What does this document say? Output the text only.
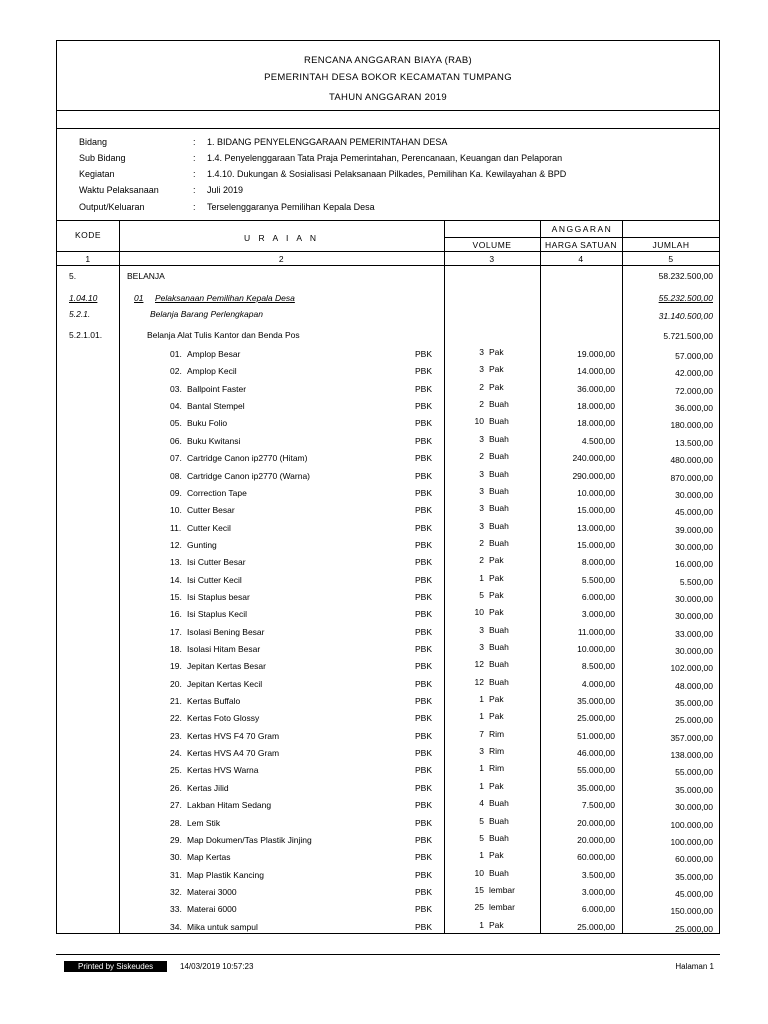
RENCANA ANGGARAN BIAYA (RAB)
PEMERINTAH DESA BOKOR KECAMATAN TUMPANG
TAHUN ANGGARAN 2019
Bidang	: 1. BIDANG PENYELENGGARAAN PEMERINTAHAN DESA
Sub Bidang	: 1.4. Penyelenggaraan Tata Praja Pemerintahan, Perencanaan, Keuangan dan Pelaporan
Kegiatan	: 1.4.10. Dukungan & Sosialisasi Pelaksanaan Pilkades, Pemilihan Ka. Kewilayahan & BPD
Waktu Pelaksanaan	: Juli 2019
Output/Keluaran	: Terselenggaranya Pemilihan Kepala Desa
KODE	U R A I A N
ANGGARAN
VOLUME	HARGA SATUAN	JUMLAH
1	2	3	4	5
5.	BELANJA	58.232.500,00
1.04.10	01 Pelaksanaan Pemilihan Kepala Desa	55.232.500,00
5.2.1.	Belanja Barang Perlengkapan	31.140.500,00
5.2.1.01.	Belanja Alat Tulis Kantor dan Benda Pos	5.721.500,00
01. Amplop Besar	PBK	3 Pak	19.000,00	57.000,00
02. Amplop Kecil	PBK	3 Pak	14.000,00	42.000,00
03. Ballpoint Faster	PBK	2 Pak	36.000,00	72.000,00
04. Bantal Stempel	PBK	2 Buah	18.000,00	36.000,00
05. Buku Folio	PBK	10 Buah	18.000,00	180.000,00
06. Buku Kwitansi	PBK	3 Buah	4.500,00	13.500,00
07. Cartridge Canon ip2770 (Hitam)	PBK	2 Buah	240.000,00	480.000,00
08. Cartridge Canon ip2770 (Warna)	PBK	3 Buah	290.000,00	870.000,00
09. Correction Tape	PBK	3 Buah	10.000,00	30.000,00
10. Cutter Besar	PBK	3 Buah	15.000,00	45.000,00
11. Cutter Kecil	PBK	3 Buah	13.000,00	39.000,00
12. Gunting	PBK	2 Buah	15.000,00	30.000,00
13. Isi Cutter Besar	PBK	2 Pak	8.000,00	16.000,00
14. Isi Cutter Kecil	PBK	1 Pak	5.500,00	5.500,00
15. Isi Staplus besar	PBK	5 Pak	6.000,00	30.000,00
16. Isi Staplus Kecil	PBK	10 Pak	3.000,00	30.000,00
17. Isolasi Bening Besar	PBK	3 Buah	11.000,00	33.000,00
18. Isolasi Hitam Besar	PBK	3 Buah	10.000,00	30.000,00
19. Jepitan Kertas Besar	PBK	12 Buah	8.500,00	102.000,00
20. Jepitan Kertas Kecil	PBK	12 Buah	4.000,00	48.000,00
21. Kertas Buffalo	PBK	1 Pak	35.000,00	35.000,00
22. Kertas Foto Glossy	PBK	1 Pak	25.000,00	25.000,00
23. Kertas HVS F4 70 Gram	PBK	7 Rim	51.000,00	357.000,00
24. Kertas HVS A4 70 Gram	PBK	3 Rim	46.000,00	138.000,00
25. Kertas HVS Warna	PBK	1 Rim	55.000,00	55.000,00
26. Kertas Jilid	PBK	1 Pak	35.000,00	35.000,00
27. Lakban Hitam Sedang	PBK	4 Buah	7.500,00	30.000,00
28. Lem Stik	PBK	5 Buah	20.000,00	100.000,00
29. Map Dokumen/Tas Plastik Jinjing	PBK	5 Buah	20.000,00	100.000,00
30. Map Kertas	PBK	1 Pak	60.000,00	60.000,00
31. Map Plastik Kancing	PBK	10 Buah	3.500,00	35.000,00
32. Materai 3000	PBK	15 lembar	3.000,00	45.000,00
33. Materai 6000	PBK	25 lembar	6.000,00	150.000,00
34. Mika untuk sampul	PBK	1 Pak	25.000,00	25.000,00
Printed by Siskeudes	14/03/2019 10:57:23	Halaman 1
